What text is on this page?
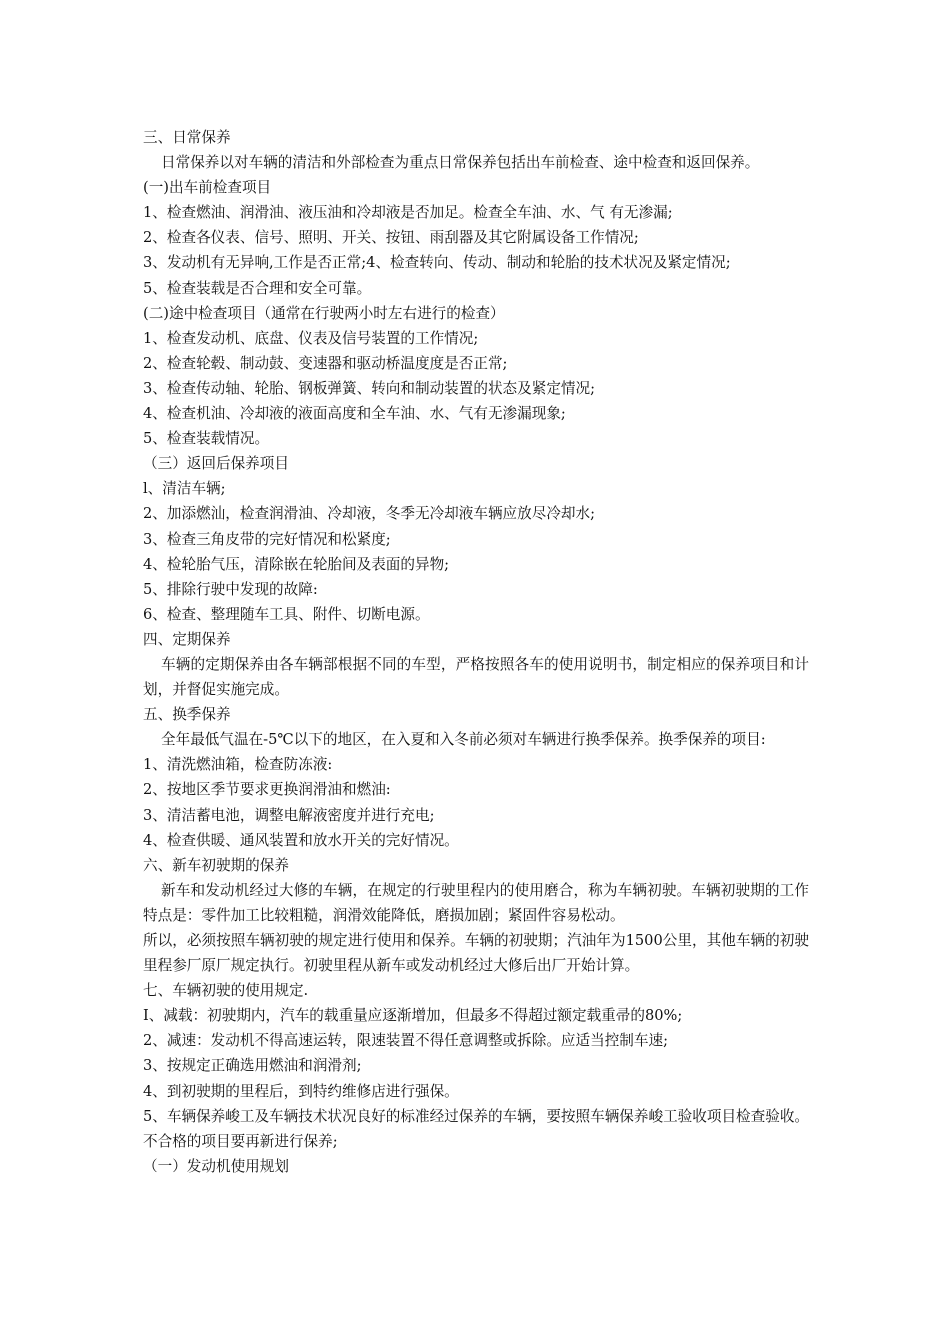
三、日常保养
日常保养以对车辆的清洁和外部检查为重点日常保养包括出车前检查、途中检查和返回保养。
(一)出车前检查项目
1、检查燃油、润滑油、液压油和冷却液是否加足。检查全车油、水、气 有无渗漏;
2、检查各仪表、信号、照明、开关、按钮、雨刮器及其它附属设备工作情况;
3、发动机有无异响,工作是否正常;4、检查转向、传动、制动和轮胎的技术状况及紧定情况;
5、检查装载是否合理和安全可靠。
(二)途中检查项目（通常在行驶两小时左右进行的检查）
1、检查发动机、底盘、仪表及信号装置的工作情况;
2、检查轮毂、制动鼓、变速器和驱动桥温度度是否正常;
3、检查传动轴、轮胎、钢板弹簧、转向和制动装置的状态及紧定情况;
4、检查机油、冷却液的液面高度和全车油、水、气有无渗漏现象;
5、检查装载情况。
（三）返回后保养项目
l、清洁车辆;
2、加添燃汕，检查润滑油、冷却液，冬季无冷却液车辆应放尽冷却水;
3、检查三角皮带的完好情况和松紧度;
4、检轮胎气压，清除嵌在轮胎间及表面的异物;
5、排除行驶中发现的故障:
6、检查、整理随车工具、附件、切断电源。
四、定期保养
车辆的定期保养由各车辆部根据不同的车型，严格按照各车的使用说明书，制定相应的保养项目和计划，并督促实施完成。
五、换季保养
全年最低气温在-5℃以下的地区，在入夏和入冬前必须对车辆进行换季保养。换季保养的项目:
1、清洗燃油箱，检查防冻液:
2、按地区季节要求更换润滑油和燃油:
3、清洁蓄电池，调整电解液密度并进行充电;
4、检查供暖、通风装置和放水开关的完好情况。
六、新车初驶期的保养
新车和发动机经过大修的车辆，在规定的行驶里程内的使用磨合，称为车辆初驶。车辆初驶期的工作特点是：零件加工比较粗糙，润滑效能降低，磨损加剧；紧固件容易松动。
所以，必须按照车辆初驶的规定进行使用和保养。车辆的初驶期；汽油年为1500公里，其他车辆的初驶里程参厂原厂规定执行。初驶里程从新车或发动机经过大修后出厂开始计算。
七、车辆初驶的使用规定.
I、减载：初驶期内，汽车的载重量应逐渐增加，但最多不得超过额定载重帚的80%;
2、减速：发动机不得高速运转，限速装置不得任意调整或拆除。应适当控制车速;
3、按规定正确选用燃油和润滑剂;
4、到初驶期的里程后，到特约维修店进行强保。
5、车辆保养峻工及车辆技术状况良好的标准经过保养的车辆，要按照车辆保养峻工验收项目检查验收。不合格的项目要再新进行保养;
（一）发动机使用规划
